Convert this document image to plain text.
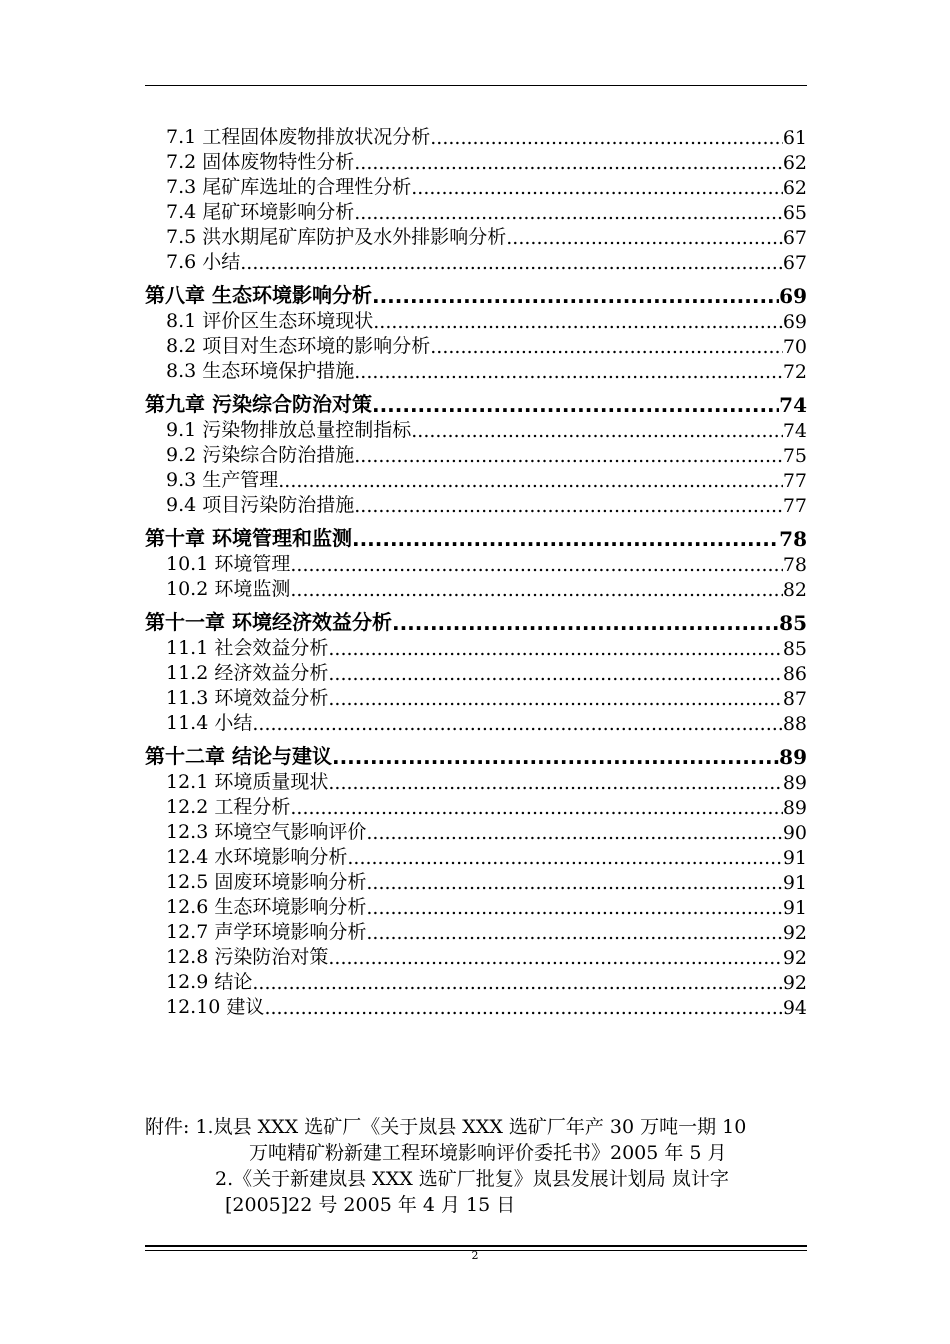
7.1 工程固体废物排放状况分析 .....	61
7.2 固体废物特性分析 .....	62
7.3 尾矿库选址的合理性分析 .....	62
7.4 尾矿环境影响分析 .....	65
7.5 洪水期尾矿库防护及水外排影响分析 .....	67
7.6 小结 .....	67
第八章 生态环境影响分析 .....	69
8.1 评价区生态环境现状 .....	69
8.2 项目对生态环境的影响分析 .....	70
8.3 生态环境保护措施 .....	72
第九章 污染综合防治对策 .....	74
9.1 污染物排放总量控制指标 .....	74
9.2 污染综合防治措施 .....	75
9.3 生产管理 .....	77
9.4 项目污染防治措施 .....	77
第十章 环境管理和监测 .....	78
10.1 环境管理 .....	78
10.2 环境监测 .....	82
第十一章 环境经济效益分析 .....	85
11.1 社会效益分析 .....	85
11.2 经济效益分析 .....	86
11.3 环境效益分析 .....	87
11.4 小结 .....	88
第十二章 结论与建议 .....	89
12.1 环境质量现状 .....	89
12.2 工程分析 .....	89
12.3 环境空气影响评价 .....	90
12.4 水环境影响分析 .....	91
12.5 固废环境影响分析 .....	91
12.6 生态环境影响分析 .....	91
12.7 声学环境影响分析 .....	92
12.8 污染防治对策 .....	92
12.9 结论 .....	92
12.10 建议 .....	94
附件: 1.岚县 XXX 选矿厂《关于岚县 XXX 选矿厂年产 30 万吨一期 10
万吨精矿粉新建工程环境影响评价委托书》2005 年 5 月
2.《关于新建岚县 XXX 选矿厂批复》岚县发展计划局 岚计字
[2005]22 号 2005 年 4 月 15 日
2
